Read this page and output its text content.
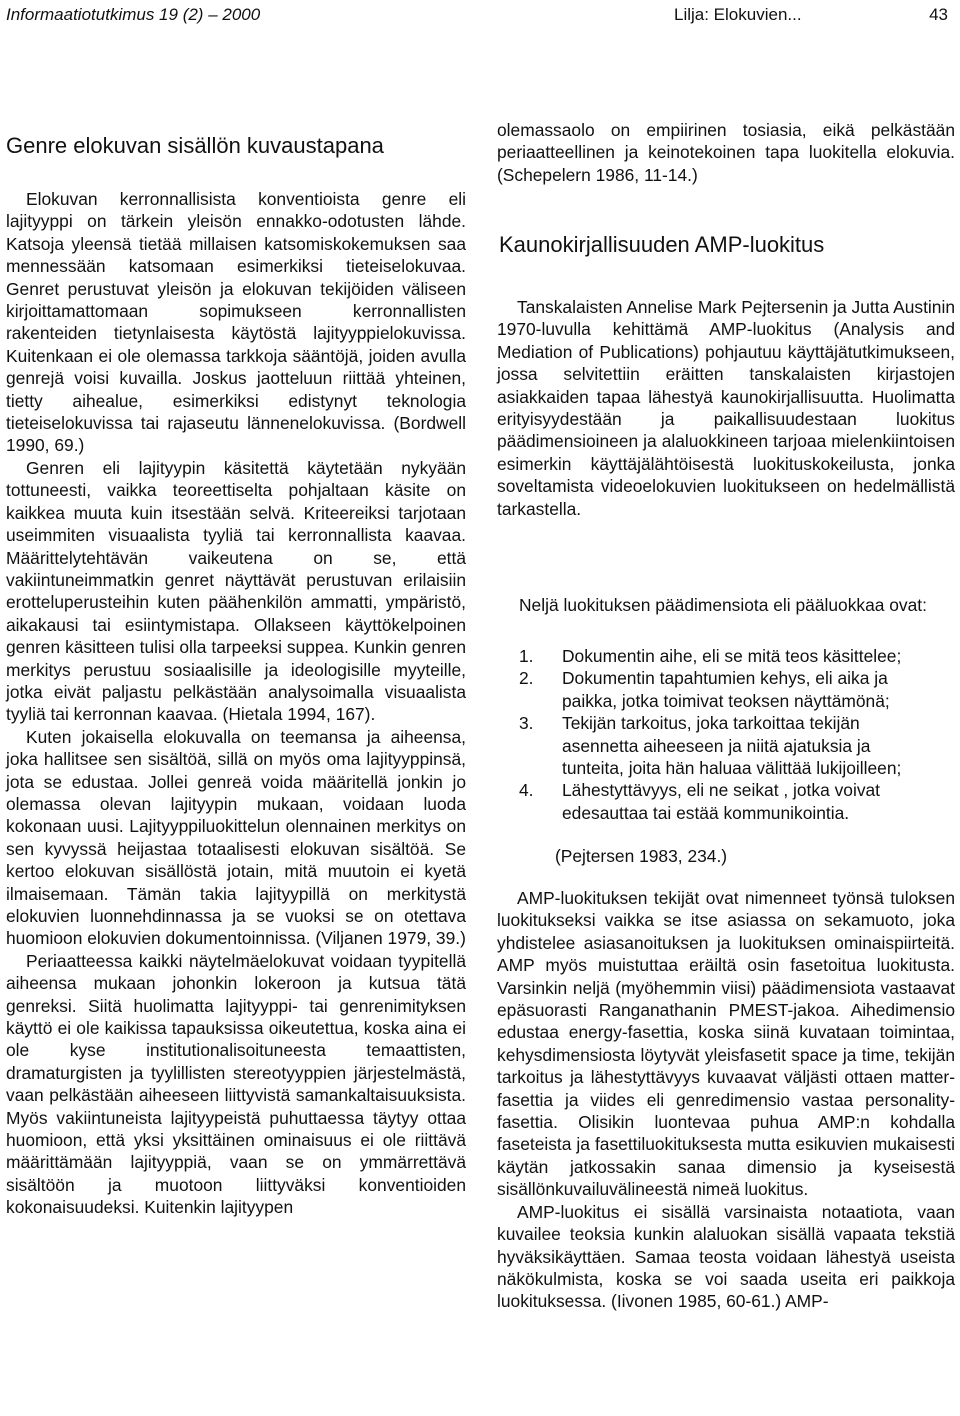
Informaatiotutkimus 19 (2) – 2000	Lilja: Elokuvien...	43
Genre elokuvan sisällön kuvaustapana

Elokuvan kerronnallisista konventioista genre eli lajityyppi on tärkein yleisön ennakko-odotusten lähde. Katsoja yleensä tietää millaisen katsomiskokemuksen saa mennessään katsomaan esimerkiksi tieteiselokuvaa. Genret perustuvat yleisön ja elokuvan tekijöiden väliseen kirjoittamattomaan sopimukseen kerronnallisten rakenteiden tietynlaisesta käytöstä lajityyppielokuvissa. Kuitenkaan ei ole olemassa tarkkoja sääntöjä, joiden avulla genrejä voisi kuvailla. Joskus jaotteluun riittää yhteinen, tietty aihealue, esimerkiksi edistynyt teknologia tieteiselokuvissa tai rajaseutu lännenelokuvissa. (Bordwell 1990, 69.)

Genren eli lajityypin käsitettä käytetään nykyään tottuneesti, vaikka teoreettiselta pohjaltaan käsite on kaikkea muuta kuin itsestään selvä. Kriteereiksi tarjotaan useimmiten visuaalista tyyliä tai kerronnallista kaavaa. Määrittelytehtävän vaikeutena on se, että vakiintuneimmatkin genret näyttävät perustuvan erilaisiin erotteluperusteihin kuten päähenkilön ammatti, ympäristö, aikakausi tai esiintymistapa. Ollakseen käyttökelpoinen genren käsitteen tulisi olla tarpeeksi suppea. Kunkin genren merkitys perustuu sosiaalisille ja ideologisille myyteille, jotka eivät paljastu pelkästään analysoimalla visuaalista tyyliä tai kerronnan kaavaa. (Hietala 1994, 167).

Kuten jokaisella elokuvalla on teemansa ja aiheensa, joka hallitsee sen sisältöä, sillä on myös oma lajityyppinsä, jota se edustaa. Jollei genreä voida määritellä jonkin jo olemassa olevan lajityypin mukaan, voidaan luoda kokonaan uusi. Lajityyppiluokittelun olennainen merkitys on sen kyvyssä heijastaa totaalisesti elokuvan sisältöä. Se kertoo elokuvan sisällöstä jotain, mitä muutoin ei kyetä ilmaisemaan. Tämän takia lajityypillä on merkitystä elokuvien luonnehdinnassa ja se vuoksi se on otettava huomioon elokuvien dokumentoinnissa. (Viljanen 1979, 39.)

Periaatteessa kaikki näytelmäelokuvat voidaan tyypitellä aiheensa mukaan johonkin lokeroon ja kutsua tätä genreksi. Siitä huolimatta lajityyppi- tai genrenimityksen käyttö ei ole kaikissa tapauksissa oikeutettua, koska aina ei ole kyse institutionalisoituneesta temaattisten, dramaturgisten ja tyylillisten stereotyyppien järjestelmästä, vaan pelkästään aiheeseen liittyvistä samankaltaisuuksista. Myös vakiintuneista lajityypeistä puhuttaessa täytyy ottaa huomioon, että yksi yksittäinen ominaisuus ei ole riittävä määrittämään lajityyppiä, vaan se on ymmärrettävä sisältöön ja muotoon liittyväksi konventioiden kokonaisuudeksi. Kuitenkin lajityypen

olemassaolo on empiirinen tosiasia, eikä pelkästään periaatteellinen ja keinotekoinen tapa luokitella elokuvia. (Schepelern 1986, 11-14.)

Kaunokirjallisuuden AMP-luokitus

Tanskalaisten Annelise Mark Pejtersenin ja Jutta Austinin 1970-luvulla kehittämä AMP-luokitus (Analysis and Mediation of Publications) pohjautuu käyttäjätutkimukseen, jossa selvitettiin eräitten tanskalaisten kirjastojen asiakkaiden tapaa lähestyä kaunokirjallisuutta. Huolimatta erityisyydestään ja paikallisuudestaan luokitus päädimensioineen ja alaluokkineen tarjoaa mielenkiintoisen esimerkin käyttäjälähtöisestä luokituskokeilusta, jonka soveltamista videoelokuvien luokitukseen on hedelmällistä tarkastella.

Neljä luokituksen päädimensiota eli pääluokkaa ovat:

1. Dokumentin aihe, eli se mitä teos käsittelee;
2. Dokumentin tapahtumien kehys, eli aika ja paikka, jotka toimivat teoksen näyttämönä;
3. Tekijän tarkoitus, joka tarkoittaa tekijän asennetta aiheeseen ja niitä ajatuksia ja tunteita, joita hän haluaa välittää lukijoilleen;
4. Lähestyttävyys, eli ne seikat , jotka voivat edesauttaa tai estää kommunikointia.

(Pejtersen 1983, 234.)

AMP-luokituksen tekijät ovat nimenneet työnsä tuloksen luokitukseksi vaikka se itse asiassa on sekamuoto, joka yhdistelee asiasanoituksen ja luokituksen ominaispiirteitä. AMP myös muistuttaa eräiltä osin fasetoitua luokitusta. Varsinkin neljä (myöhemmin viisi) päädimensiota vastaavat epäsuorasti Ranganathanin PMEST-jakoa. Aihedimensio edustaa energy-fasettia, koska siinä kuvataan toimintaa, kehysdimensiosta löytyvät yleisfasetit space ja time, tekijän tarkoitus ja lähestyttävyys kuvaavat väljästi ottaen matter-fasettia ja viides eli genredimensio vastaa personality-fasettia. Olisikin luontevaa puhua AMP:n kohdalla faseteista ja fasettiluokituksesta mutta esikuvien mukaisesti käytän jatkossakin sanaa dimensio ja kyseisestä sisällönkuvailuvälineestä nimeä luokitus.

AMP-luokitus ei sisällä varsinaista notaatiota, vaan kuvailee teoksia kunkin alaluokan sisällä vapaata tekstiä hyväksikäyttäen. Samaa teosta voidaan lähestyä useista näkökulmista, koska se voi saada useita eri paikkoja luokituksessa. (Iivonen 1985, 60-61.) AMP-
